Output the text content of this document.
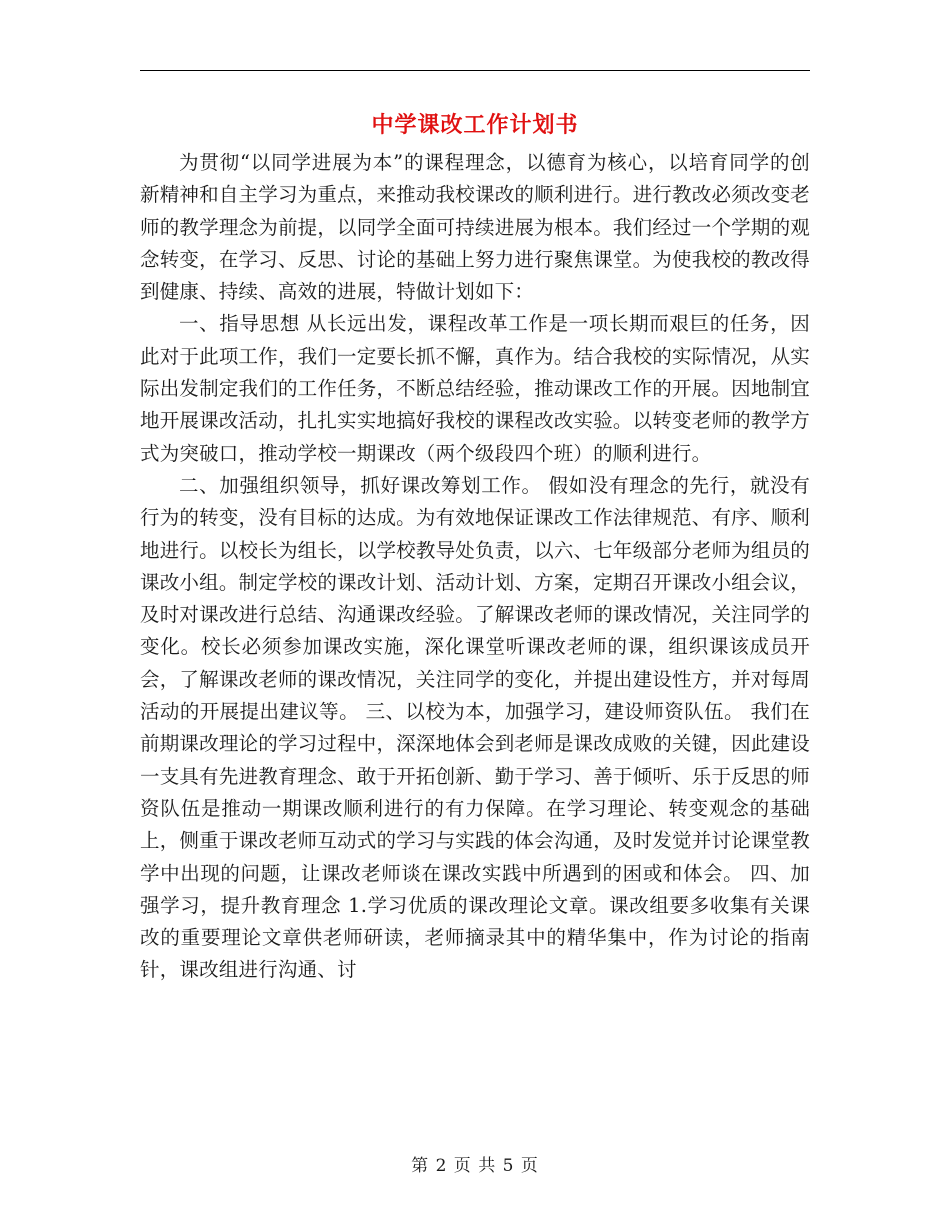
中学课改工作计划书

为贯彻“以同学进展为本”的课程理念，以德育为核心，以培育同学的创新精神和自主学习为重点，来推动我校课改的顺利进行。进行教改必须改变老师的教学理念为前提，以同学全面可持续进展为根本。我们经过一个学期的观念转变，在学习、反思、讨论的基础上努力进行聚焦课堂。为使我校的教改得到健康、持续、高效的进展，特做计划如下：

一、指导思想 从长远出发，课程改革工作是一项长期而艰巨的任务，因此对于此项工作，我们一定要长抓不懈，真作为。结合我校的实际情况，从实际出发制定我们的工作任务，不断总结经验，推动课改工作的开展。因地制宜地开展课改活动，扎扎实实地搞好我校的课程改改实验。以转变老师的教学方式为突破口，推动学校一期课改（两个级段四个班）的顺利进行。

二、加强组织领导，抓好课改筹划工作。 假如没有理念的先行，就没有行为的转变，没有目标的达成。为有效地保证课改工作法律规范、有序、顺利地进行。以校长为组长，以学校教导处负责，以六、七年级部分老师为组员的课改小组。制定学校的课改计划、活动计划、方案，定期召开课改小组会议，及时对课改进行总结、沟通课改经验。了解课改老师的课改情况，关注同学的变化。校长必须参加课改实施，深化课堂听课改老师的课，组织课该成员开会，了解课改老师的课改情况，关注同学的变化，并提出建设性方，并对每周活动的开展提出建议等。 三、以校为本，加强学习，建设师资队伍。 我们在前期课改理论的学习过程中，深深地体会到老师是课改成败的关键，因此建设一支具有先进教育理念、敢于开拓创新、勤于学习、善于倾听、乐于反思的师资队伍是推动一期课改顺利进行的有力保障。在学习理论、转变观念的基础上，侧重于课改老师互动式的学习与实践的体会沟通，及时发觉并讨论课堂教学中出现的问题，让课改老师谈在课改实践中所遇到的困或和体会。 四、加强学习，提升教育理念 1.学习优质的课改理论文章。课改组要多收集有关课改的重要理论文章供老师研读，老师摘录其中的精华集中，作为讨论的指南针，课改组进行沟通、讨

第 2 页 共 5 页
